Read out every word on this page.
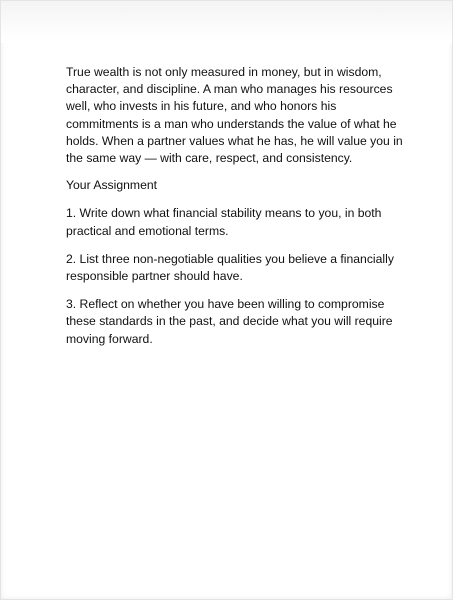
True wealth is not only measured in money, but in wisdom, character, and discipline. A man who manages his resources well, who invests in his future, and who honors his commitments is a man who understands the value of what he holds. When a partner values what he has, he will value you in the same way — with care, respect, and consistency.

Your Assignment

1. Write down what financial stability means to you, in both practical and emotional terms.

2. List three non-negotiable qualities you believe a financially responsible partner should have.

3. Reflect on whether you have been willing to compromise these standards in the past, and decide what you will require moving forward.
